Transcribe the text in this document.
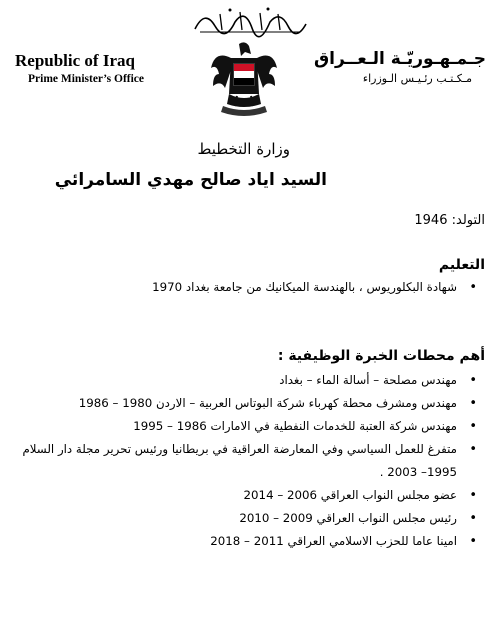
Republic of Iraq
Prime Minister’s Office
جـمـهـوريّـة الـعــراق
مـكـتـب رئـيـس الـوزراء
وزارة التخطيط
السيد اياد صالح مهدي السامرائي
التولد: 1946
التعليم
• شهادة البكلوريوس ، بالهندسة الميكانيك من جامعة بغداد 1970
أهم محطات الخبرة الوظيفية :
• مهندس مصلحة – أسالة الماء – بغداد
• مهندس ومشرف محطة كهرباء شركة البوتاس العربية – الاردن 1980 – 1986
• مهندس شركة العتبة للخدمات النفطية في الامارات 1986 – 1995
• متفرغ للعمل السياسي وفي المعارضة العراقية في بريطانيا ورئيس تحرير مجلة دار السلام 1995– 2003 .
• عضو مجلس النواب العراقي 2006 – 2014
• رئيس مجلس النواب العراقي 2009 – 2010
• امينا عاما للحزب الاسلامي العراقي 2011 – 2018
